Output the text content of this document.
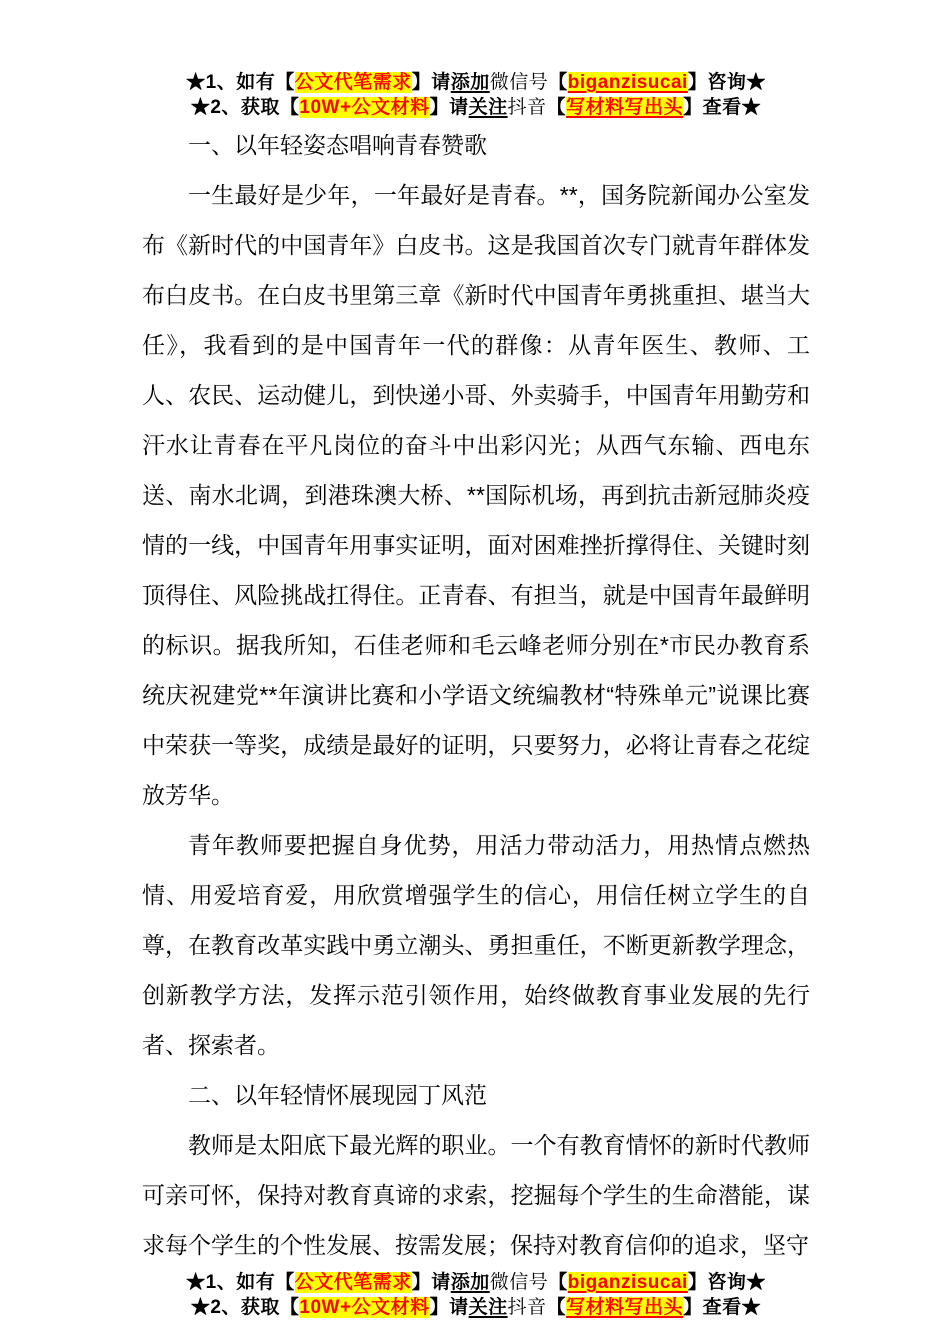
★1、如有【公文代笔需求】请添加微信号【biganzisucai】咨询★
★2、获取【10W+公文材料】请关注抖音【写材料写出头】查看★
一、以年轻姿态唱响青春赞歌

一生最好是少年，一年最好是青春。**，国务院新闻办公室发布《新时代的中国青年》白皮书。这是我国首次专门就青年群体发布白皮书。在白皮书里第三章《新时代中国青年勇挑重担、堪当大任》，我看到的是中国青年一代的群像：从青年医生、教师、工人、农民、运动健儿，到快递小哥、外卖骑手，中国青年用勤劳和汗水让青春在平凡岗位的奋斗中出彩闪光；从西气东输、西电东送、南水北调，到港珠澳大桥、**国际机场，再到抗击新冠肺炎疫情的一线，中国青年用事实证明，面对困难挫折撑得住、关键时刻顶得住、风险挑战扛得住。正青春、有担当，就是中国青年最鲜明的标识。据我所知，石佳老师和毛云峰老师分别在*市民办教育系统庆祝建党**年演讲比赛和小学语文统编教材“特殊单元”说课比赛中荣获一等奖，成绩是最好的证明，只要努力，必将让青春之花绽放芳华。

青年教师要把握自身优势，用活力带动活力，用热情点燃热情、用爱培育爱，用欣赏增强学生的信心，用信任树立学生的自尊，在教育改革实践中勇立潮头、勇担重任，不断更新教学理念，创新教学方法，发挥示范引领作用，始终做教育事业发展的先行者、探索者。

二、以年轻情怀展现园丁风范

教师是太阳底下最光辉的职业。一个有教育情怀的新时代教师可亲可怀，保持对教育真谛的求索，挖掘每个学生的生命潜能，谋求每个学生的个性发展、按需发展；保持对教育信仰的追求，坚守

★1、如有【公文代笔需求】请添加微信号【biganzisucai】咨询★
★2、获取【10W+公文材料】请关注抖音【写材料写出头】查看★
